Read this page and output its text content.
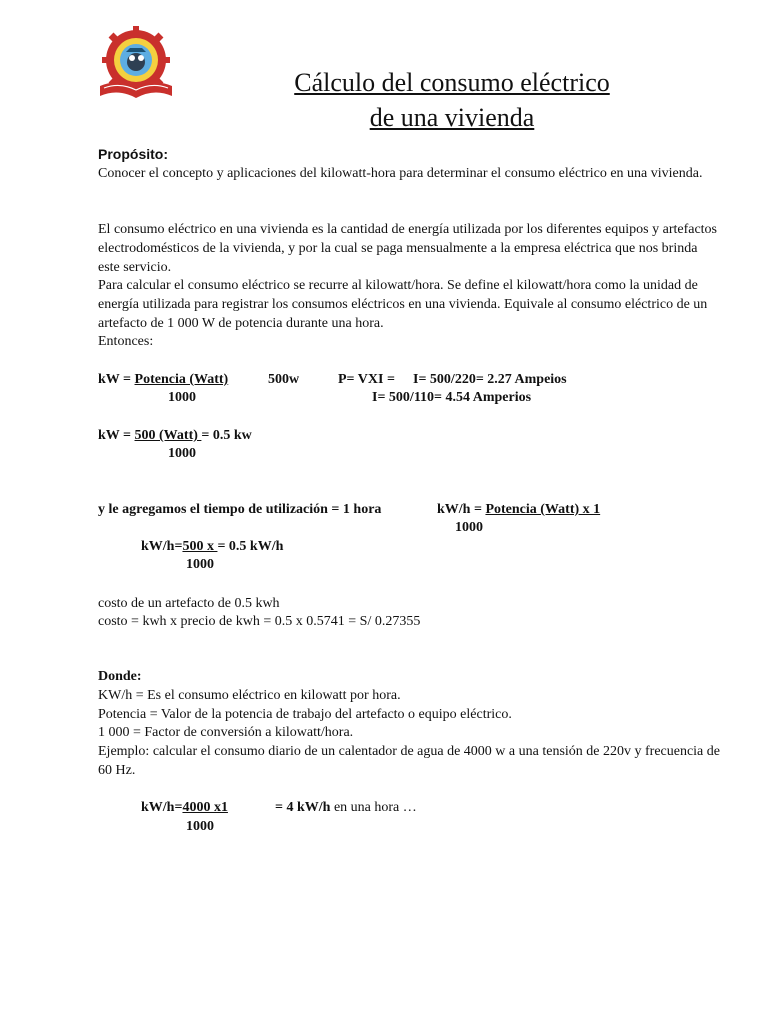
Cálculo del consumo eléctrico
de una vivienda
Propósito:
Conocer el concepto y aplicaciones del kilowatt-hora para determinar el consumo eléctrico en una vivienda.
El consumo eléctrico en una vivienda es la cantidad de energía utilizada por los diferentes equipos y artefactos electrodomésticos de la vivienda, y por la cual se paga mensualmente a la empresa eléctrica que nos brinda este servicio.
Para calcular el consumo eléctrico se recurre al kilowatt/hora. Se define el kilowatt/hora como la unidad de energía utilizada para registrar los consumos eléctricos en una vivienda. Equivale al consumo eléctrico de un artefacto de 1 000 W de potencia durante una hora.
Entonces:
kW = Potencia (Watt)
1000
500w	P= VXI = I= 500/220= 2.27 Ampeios
I= 500/110= 4.54 Amperios
kW = 500 (Watt) = 0.5 kw
1000
y le agregamos el tiempo de utilización = 1 hora	kW/h = Potencia (Watt) x 1
1000
kW/h=500 x = 0.5 kW/h
1000
costo de un artefacto de 0.5 kwh
costo = kwh x precio de kwh = 0.5 x 0.5741 = S/ 0.27355
Donde:
KW/h = Es el consumo eléctrico en kilowatt por hora.
Potencia = Valor de la potencia de trabajo del artefacto o equipo eléctrico.
1 000 = Factor de conversión a kilowatt/hora.
Ejemplo: calcular el consumo diario de un calentador de agua de 4000 w a una tensión de 220v y frecuencia de 60 Hz.
kW/h=4000 x1	= 4 kW/h en una hora …
1000
